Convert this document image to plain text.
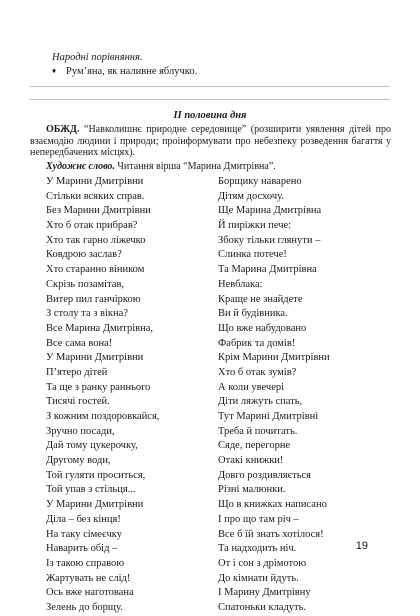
Народні порівняння.
♦ Рум’яна, як наливне яблучко.
II половина дня
ОБЖД. “Навколишнє природне середовище” (розширити уявлення дітей про взаємодію людини і природи; проінформувати про небезпеку розведення багаття у непередбачених місцях).
Художнє слово. Читання вірша “Марина Дмитрівна”.
У Марини Дмитрівни
Стільки всяких справ.
Без Марини Дмитрівни
Хто б отак прибрав?
Хто так гарно ліжечко
Ковдрою заслав?
Хто старанно віником
Скрізь позамітав,
Витер пил ганчіркою
З столу та з вікна?
Все Марина Дмитрівна,
Все сама вона!
У Марини Дмитрівни
П’ятеро дітей
Та ще з ранку раннього
Тисячі гостей.
З кожним поздоровкайся,
Зручно посади,
Дай тому цукерочку,
Другому води,
Той гуляти проситься,
Той упав з стільця...
У Марини Дмитрівни
Діла – без кінця!
На таку сімеєчку
Наварить обід –
Із такою справою
Жартувать не слід!
Ось вже наготована
Зелень до борщу.
Борщику наварено
Дітям досхочу.
Ще Марина Дмитрівна
Й пиріжки пече:
Збоку тільки глянути –
Слинка потече!
Та Марина Дмитрівна
Невблака:
Краще не знайдете
Ви й будівника.
Що вже набудовано
Фабрик та домів!
Крім Марини Дмитрівни
Хто б отак зумів?
А коли увечері
Діти ляжуть спать,
Тут Марині Дмитрівні
Треба й почитать.
Сяде, перегорне
Отакі книжки!
Довго роздивляється
Різні малюнки.
Що в книжках написано
І про що там річ –
Все б їй знать хотілося!
Та надходить ніч.
От і сон з дрімотою
До кімнати йдуть.
І Марину Дмитрівну
Спатоньки кладуть.
19
